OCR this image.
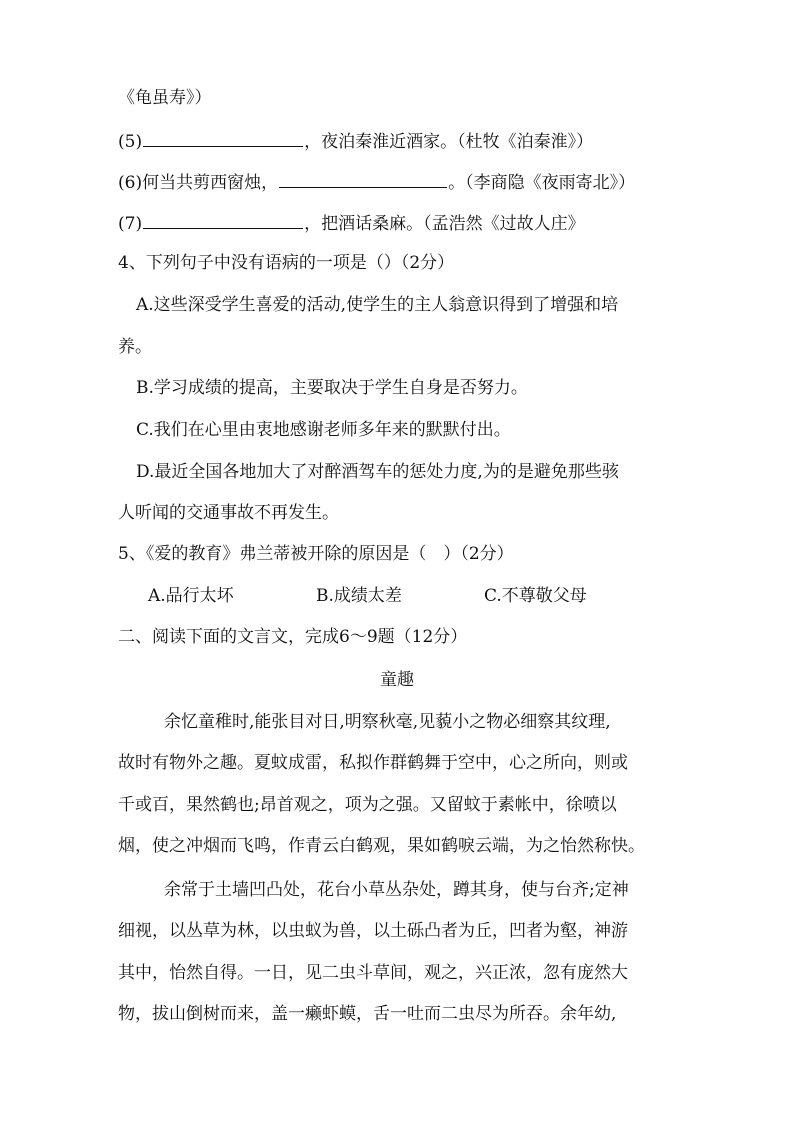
《龟虽寿》）
(5)	，夜泊秦淮近酒家。（杜牧《泊秦淮》）
(6)何当共剪西窗烛，	。（李商隐《夜雨寄北》）
(7)	，把酒话桑麻。（孟浩然《过故人庄》
4、下列句子中没有语病的一项是（）（2分）
A.这些深受学生喜爱的活动,使学生的主人翁意识得到了增强和培
养。
B.学习成绩的提高，主要取决于学生自身是否努力。
C.我们在心里由衷地感谢老师多年来的默默付出。
D.最近全国各地加大了对醉酒驾车的惩处力度,为的是避免那些骇
人听闻的交通事故不再发生。
5、《爱的教育》弗兰蒂被开除的原因是（　）（2分）
A.品行太坏	B.成绩太差	C.不尊敬父母
二、阅读下面的文言文，完成6～9题（12分）
童趣
余忆童稚时,能张目对日,明察秋毫,见藐小之物必细察其纹理,
故时有物外之趣。夏蚊成雷，私拟作群鹤舞于空中，心之所向，则或
千或百，果然鹤也;昂首观之，项为之强。又留蚊于素帐中，徐喷以
烟，使之冲烟而飞鸣，作青云白鹤观，果如鹤唳云端，为之怡然称快。
余常于土墙凹凸处，花台小草丛杂处，蹲其身，使与台齐;定神
细视，以丛草为林，以虫蚁为兽，以土砾凸者为丘，凹者为壑，神游
其中，怡然自得。一日，见二虫斗草间，观之，兴正浓，忽有庞然大
物，拔山倒树而来，盖一癞虾蟆，舌一吐而二虫尽为所吞。余年幼,
